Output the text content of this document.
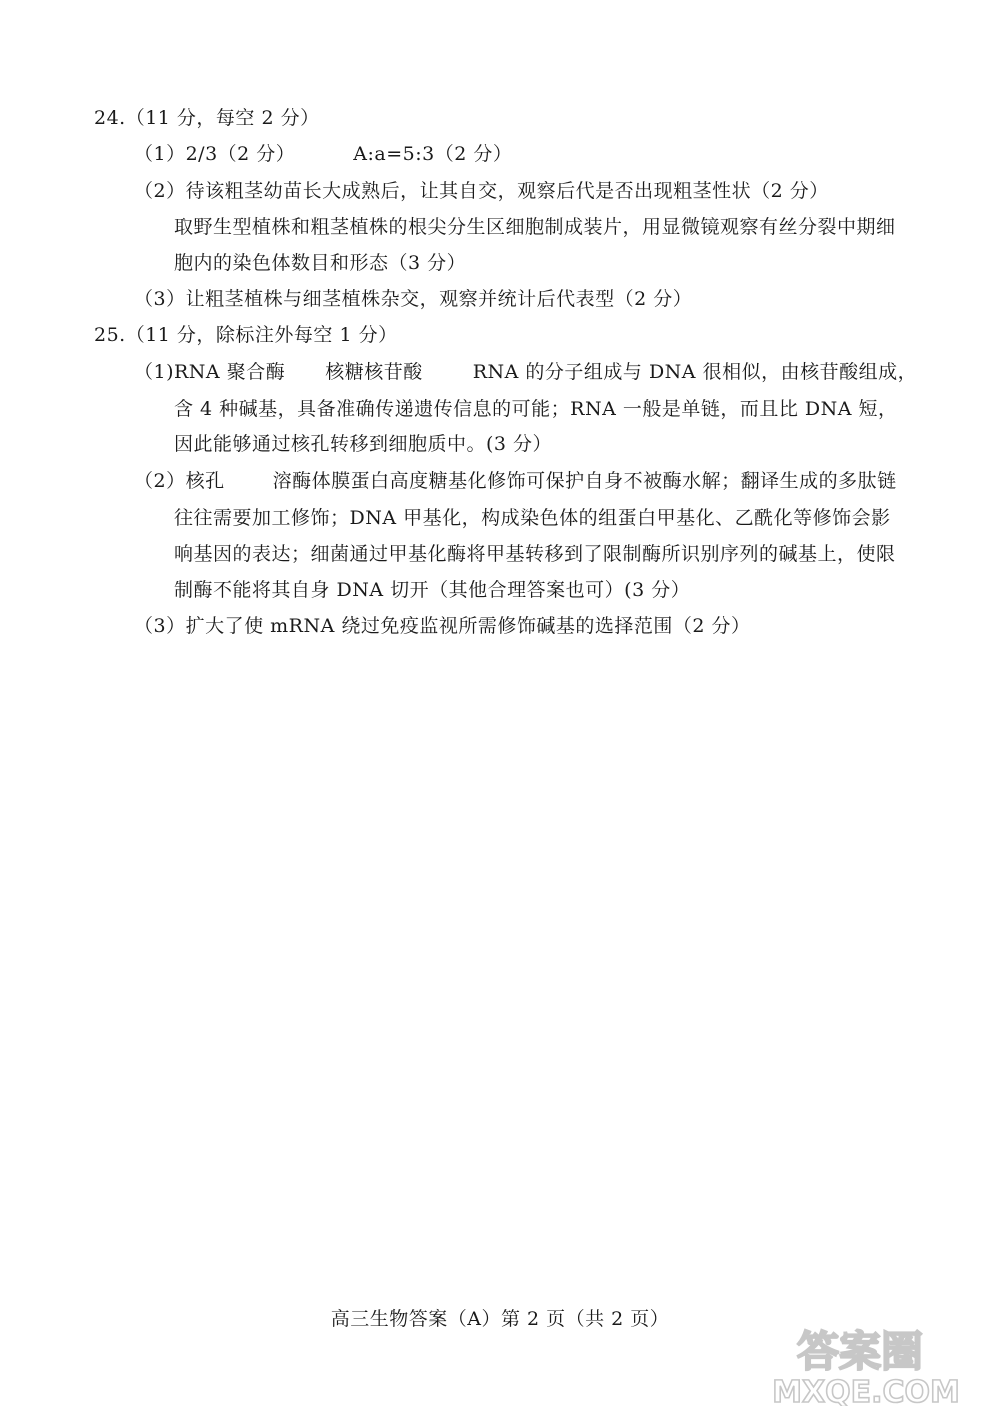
24.（11 分，每空 2 分）
（1）2/3（2 分）	A:a=5:3（2 分）
（2）待该粗茎幼苗长大成熟后，让其自交，观察后代是否出现粗茎性状（2 分）
取野生型植株和粗茎植株的根尖分生区细胞制成装片，用显微镜观察有丝分裂中期细
胞内的染色体数目和形态（3 分）
（3）让粗茎植株与细茎植株杂交，观察并统计后代表型（2 分）
25.（11 分，除标注外每空 1 分）
（1)RNA 聚合酶 核糖核苷酸	RNA 的分子组成与 DNA 很相似，由核苷酸组成，
含 4 种碱基，具备准确传递遗传信息的可能；RNA 一般是单链，而且比 DNA 短，
因此能够通过核孔转移到细胞质中。(3 分）
（2）核孔	溶酶体膜蛋白高度糖基化修饰可保护自身不被酶水解；翻译生成的多肽链
往往需要加工修饰；DNA 甲基化，构成染色体的组蛋白甲基化、乙酰化等修饰会影
响基因的表达；细菌通过甲基化酶将甲基转移到了限制酶所识别序列的碱基上，使限
制酶不能将其自身 DNA 切开（其他合理答案也可）(3 分）
（3）扩大了使 mRNA 绕过免疫监视所需修饰碱基的选择范围（2 分）
高三生物答案（A）第 2 页（共 2 页）
答案圈
MXQE.COM
